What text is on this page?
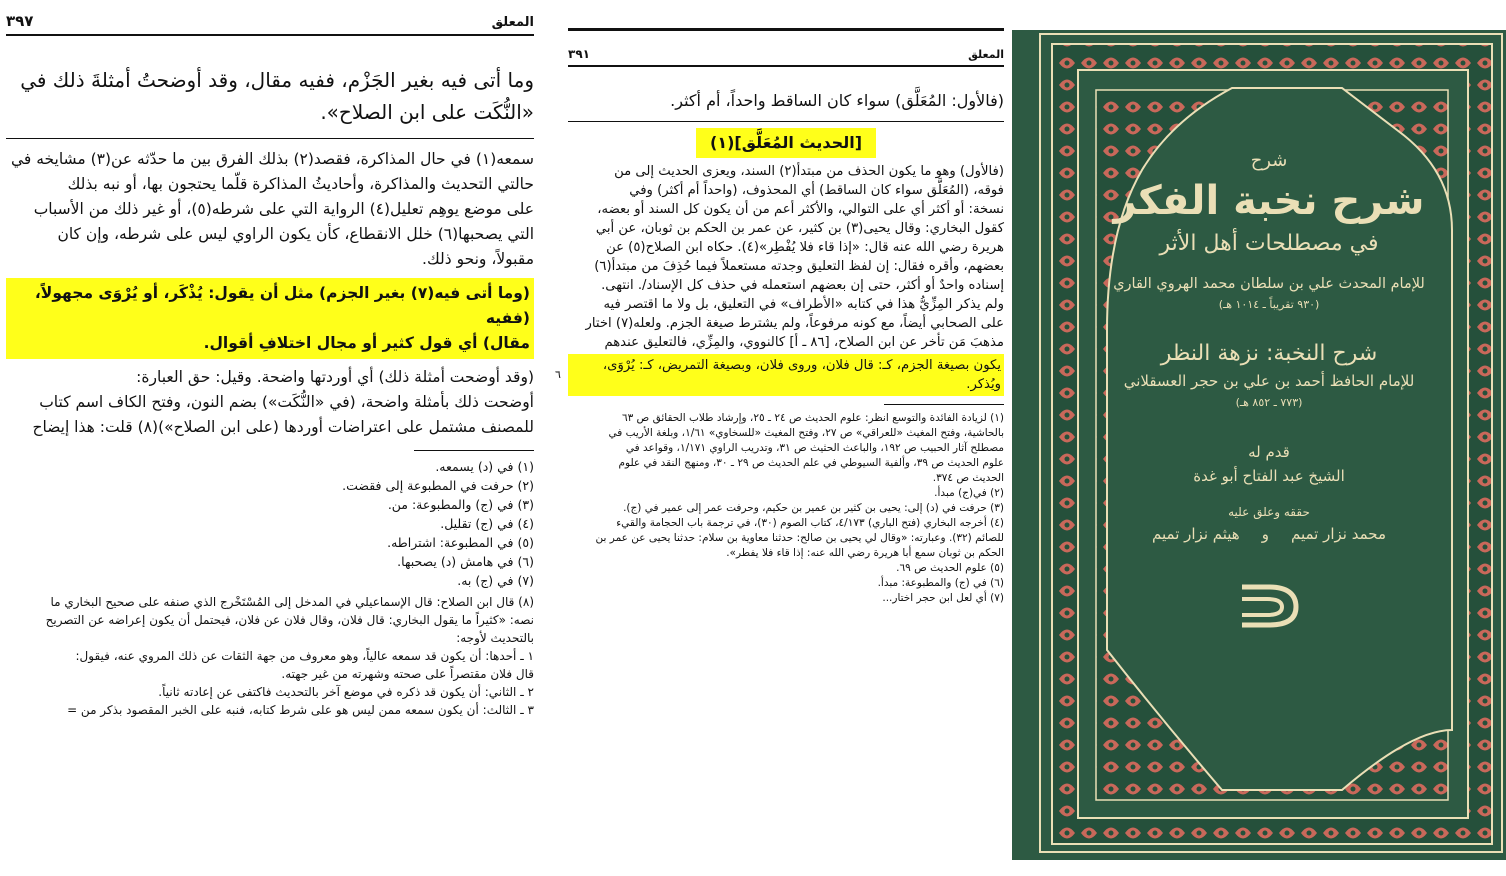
المعلق
٣٩٧
وما أتى فيه بغير الجَزْم، ففيه مقال، وقد أوضحتُ أمثلةَ ذلك في
«النُّكَت على ابن الصلاح».
سمعه(١) في حال المذاكرة، فقصد(٢) بذلك الفرق بين ما حدّثه عن(٣) مشايخه في
حالتي التحديث والمذاكرة، وأحاديثُ المذاكرة قلّما يحتجون بها، أو نبه بذلك
على موضع يوهِم تعليل(٤) الرواية التي على شرطه(٥)، أو غير ذلك من الأسباب
التي يصحبها(٦) خلل الانقطاع، كأن يكون الراوي ليس على شرطه، وإن كان
مقبولاً، ونحو ذلك.
(وما أتى فيه(٧) بغير الجزم) مثل أن يقول: يُذْكَر، أو يُرْوَى مجهولاً، (ففيه
مقال) أي قول كثير أو مجال اختلافِ أقوال.
(وقد أوضحت أمثلة ذلك) أي أوردتها واضحة. وقيل: حق العبارة:
أوضحت ذلك بأمثلة واضحة، (في «النُّكَت») بضم النون، وفتح الكاف اسم كتاب
للمصنف مشتمل على اعتراضات أوردها (على ابن الصلاح»)(٨) قلت: هذا إيضاح
(١) في (د) يسمعه.
(٢) حرفت في المطبوعة إلى فقضت.
(٣) في (ج) والمطبوعة: من.
(٤) في (ج) تقليل.
(٥) في المطبوعة: اشتراطه.
(٦) في هامش (د) يصحبها.
(٧) في (ج) به.
(٨) قال ابن الصلاح: قال الإسماعيلي في المدخل إلى المُسْتَخْرج الذي صنفه على صحيح البخاري ما
نصه: «كثيراً ما يقول البخاري: قال فلان، وقال فلان عن فلان، فيحتمل أن يكون إعراضه عن التصريح
بالتحديث لأوجه:
١ ـ أحدها: أن يكون قد سمعه عالياً، وهو معروف من جهة الثقات عن ذلك المروي عنه، فيقول:
قال فلان مقتصراً على صحته وشهرته من غير جهته.
٢ ـ الثاني: أن يكون قد ذكره في موضع آخر بالتحديث فاكتفى عن إعادته ثانياً.
٣ ـ الثالث: أن يكون سمعه ممن ليس هو على شرط كتابه، فنبه على الخبر المقصود بذكر من =
٦
المعلق
٣٩١
(فالأول: المُعَلَّق) سواء كان الساقط واحداً، أم أكثر.
[الحديث المُعَلَّق](١)
(فالأول) وهو ما يكون الحذف من مبتدأ(٢) السند، ويعزى الحديث إلى من
فوقه، (المُعَلَّق سواء كان الساقط) أي المحذوف، (واحداً أم أكثر) وفي
نسخة: أو أكثر أي على التوالي، والأكثر أعم من أن يكون كل السند أو بعضه،
كقول البخاري: وقال يحيى(٣) بن كثير، عن عمر بن الحكم بن ثوبان، عن أبي
هريرة رضي الله عنه قال: «إذا قاء فلا يُفْطِر»(٤). حكاه ابن الصلاح(٥) عن
بعضهم، وأقره فقال: إن لفظ التعليق وجدته مستعملاً فيما حُذِفَ من مبتدأ(٦)
إسناده واحدٌ أو أكثر، حتى إن بعضهم استعمله في حذف كل الإسناد/. انتهى.
ولم يذكر المِزِّيُّ هذا في كتابه «الأطراف» في التعليق، بل ولا ما اقتصر فيه
على الصحابي أيضاً، مع كونه مرفوعاً، ولم يشترط صيغة الجزم. ولعله(٧) اختار
مذهبَ مَن تأخر عن ابن الصلاح، [٨٦ ـ أ] كالنووي، والمِزِّي، فالتعليق عندهم
يكون بصيغة الجزم، كـ: قال فلان، وروى فلان، وبصيغة التمريض، كـ: يُرْوَى،
ويُذكر.
(١) لزيادة الفائدة والتوسع انظر: علوم الحديث ص ٢٤ ـ ٢٥، وإرشاد طلاب الحقائق ص ٦٣
بالحاشية، وفتح المغيث «للعراقي» ص ٢٧، وفتح المغيث «للسخاوي» ١/٦١، وبلغة الأريب في
مصطلح آثار الحبيب ص ١٩٢، والباعث الحثيث ص ٣١، وتدريب الراوي ١/١٧١، وقواعد في
علوم الحديث ص ٣٩، وألفية السيوطي في علم الحديث ص ٢٩ ـ ٣٠، ومنهج النقد في علوم
الحديث ص ٣٧٤.
(٢) في(ج) مبدأ.
(٣) حرفت في (د) إلى: يحيى بن كثير بن عمير بن حكيم، وحرفت عمر إلى عمير في (ج).
(٤) أخرجه البخاري (فتح الباري) ٤/١٧٣، كتاب الصوم (٣٠)، في ترجمة باب الحجامة والقيء
للصائم (٣٢). وعبارته: «وقال لي يحيى بن صالح: حدثنا معاوية بن سلام: حدثنا يحيى عن عمر بن
الحكم بن ثوبان سمع أبا هريرة رضي الله عنه: إذا قاء فلا يفطر».
(٥) علوم الحديث ص ٦٩.
(٦) في (ج) والمطبوعة: مبدأ.
(٧) أي لعل ابن حجر اختار...
شرح
شرح نخبة الفكر
في مصطلحات أهل الأثر
للإمام المحدث علي بن سلطان محمد الهروي القاري
(٩٣٠ تقريباً ـ ١٠١٤ هـ)
شرح النخبة: نزهة النظر
للإمام الحافظ أحمد بن علي بن حجر العسقلاني
(٧٧٣ ـ ٨٥٢ هـ)
قدم له
الشيخ عبد الفتاح أبو غدة
حققه وعلق عليه
محمد نزار تميم
و
هيثم نزار تميم
